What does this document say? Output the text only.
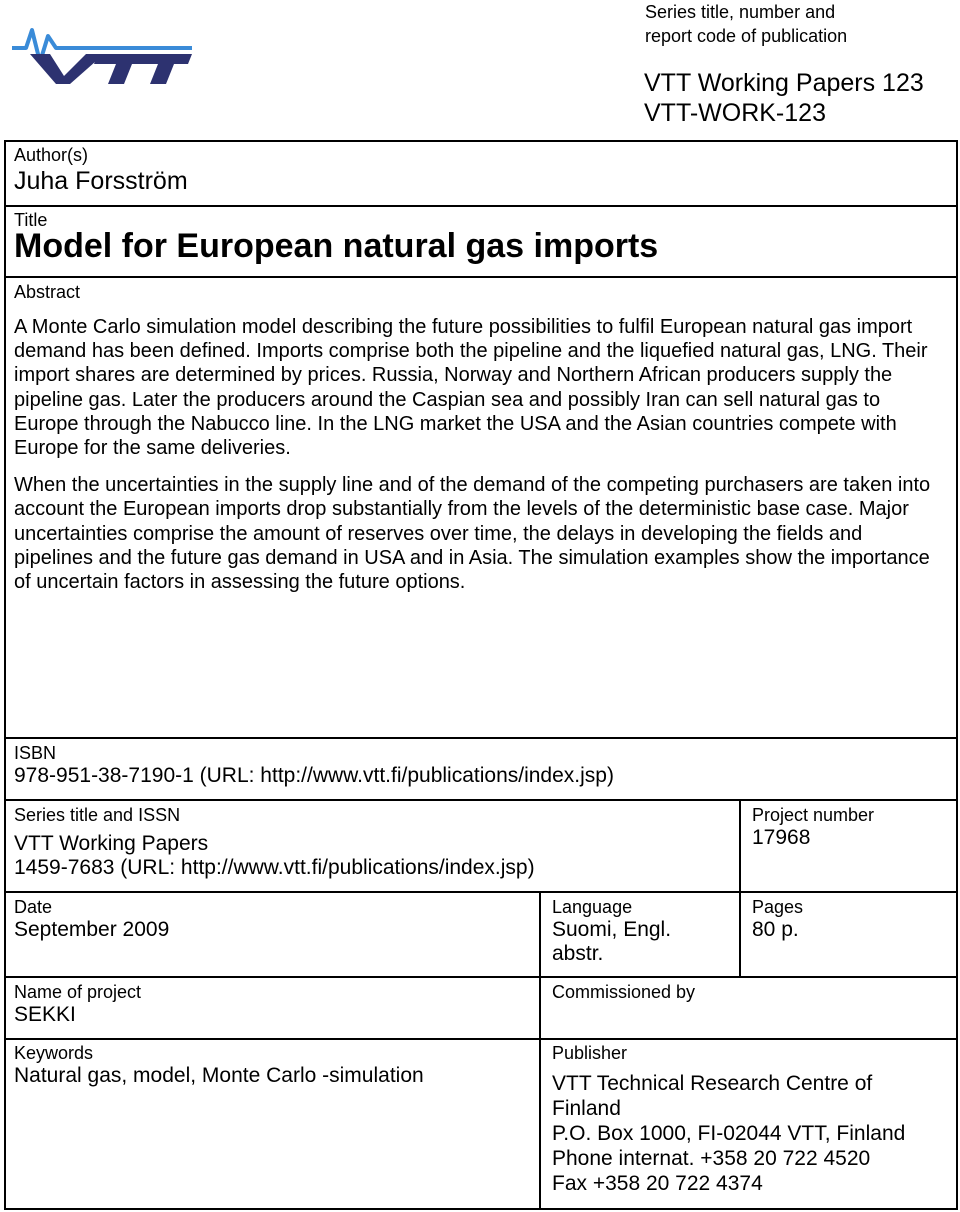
Series title, number and
report code of publication
VTT Working Papers 123
VTT-WORK-123
Author(s)
Juha Forsström
Title
Model for European natural gas imports
Abstract

A Monte Carlo simulation model describing the future possibilities to fulfil European natural gas import demand has been defined. Imports comprise both the pipeline and the liquefied natural gas, LNG. Their import shares are determined by prices. Russia, Norway and Northern African producers supply the pipeline gas. Later the producers around the Caspian sea and possibly Iran can sell natural gas to Europe through the Nabucco line. In the LNG market the USA and the Asian countries compete with Europe for the same deliveries.

When the uncertainties in the supply line and of the demand of the competing purchasers are taken into account the European imports drop substantially from the levels of the deterministic base case. Major uncertainties comprise the amount of reserves over time, the delays in developing the fields and pipelines and the future gas demand in USA and in Asia. The simulation examples show the importance of uncertain factors in assessing the future options.

ISBN
978-951-38-7190-1 (URL: http://www.vtt.fi/publications/index.jsp)
Series title and ISSN
VTT Working Papers
1459-7683 (URL: http://www.vtt.fi/publications/index.jsp)
Project number
17968
Date
September 2009
Language
Suomi, Engl.
abstr.
Pages
80 p.
Name of project
SEKKI
Commissioned by
Keywords
Natural gas, model, Monte Carlo -simulation
Publisher
VTT Technical Research Centre of
Finland
P.O. Box 1000, FI-02044 VTT, Finland
Phone internat. +358 20 722 4520
Fax +358 20 722 4374
